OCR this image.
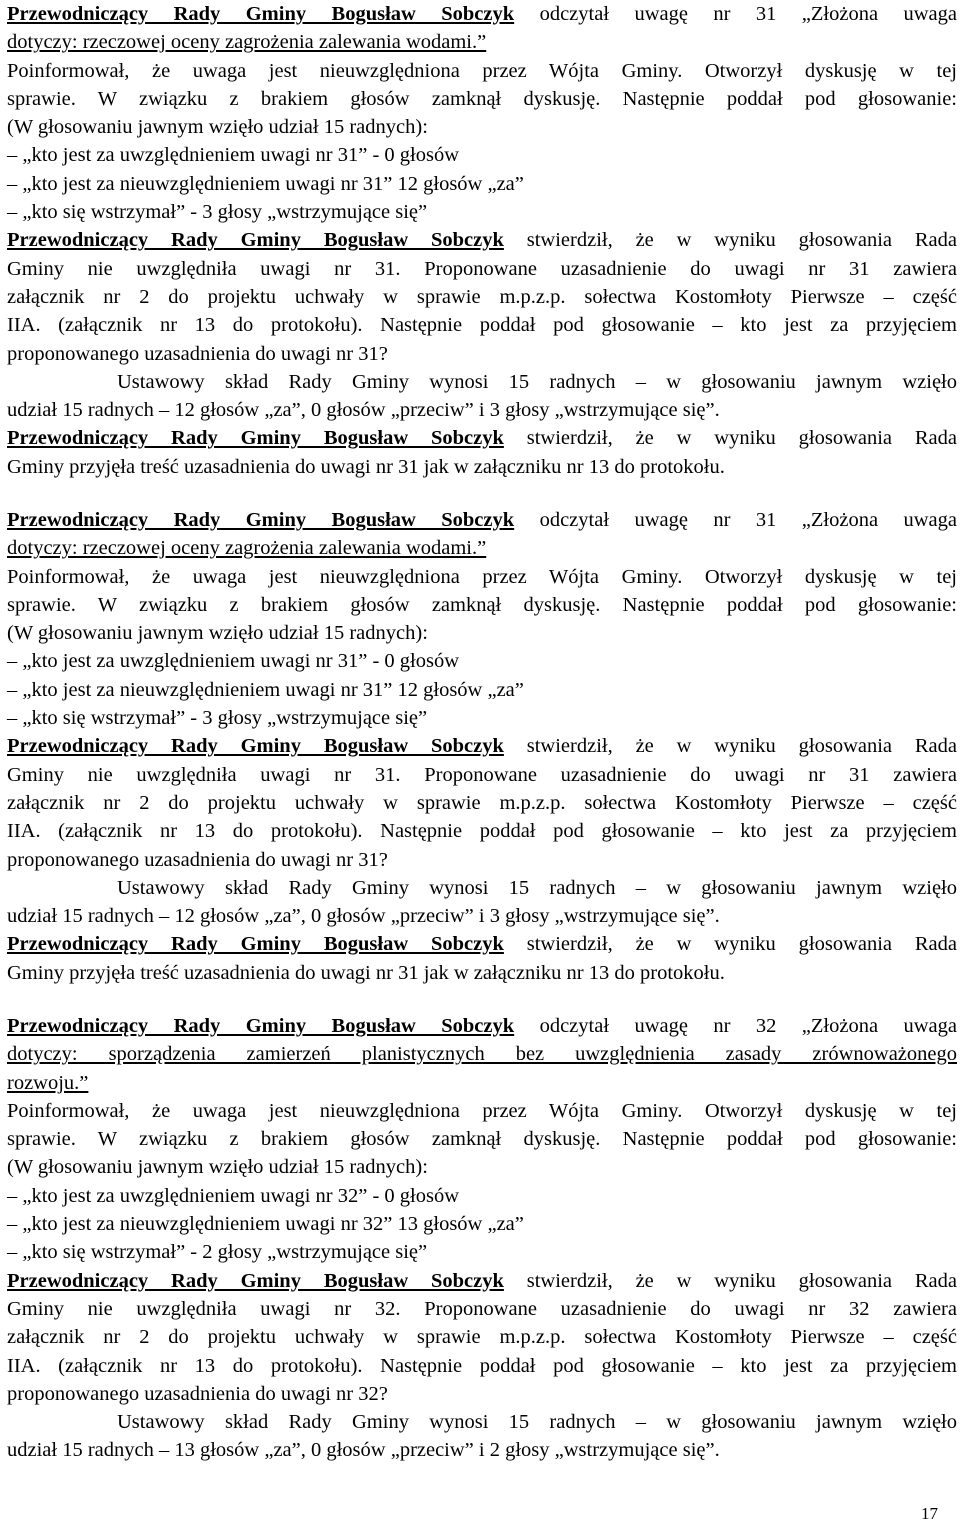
Przewodniczący Rady Gminy Bogusław Sobczyk odczytał uwagę nr 31 „Złożona uwaga
dotyczy: rzeczowej oceny zagrożenia zalewania wodami.”
Poinformował, że uwaga jest nieuwzględniona przez Wójta Gminy. Otworzył dyskusję w tej
sprawie. W związku z brakiem głosów zamknął dyskusję. Następnie poddał pod głosowanie:
(W głosowaniu jawnym wzięło udział 15 radnych):
– „kto jest za uwzględnieniem uwagi nr 31” - 0 głosów
– „kto jest za nieuwzględnieniem uwagi nr 31” 12 głosów „za”
– „kto się wstrzymał” - 3 głosy „wstrzymujące się”
Przewodniczący Rady Gminy Bogusław Sobczyk stwierdził, że w wyniku głosowania Rada
Gminy nie uwzględniła uwagi nr 31. Proponowane uzasadnienie do uwagi nr 31 zawiera
załącznik nr 2 do projektu uchwały w sprawie m.p.z.p. sołectwa Kostomłoty Pierwsze – część
IIA. (załącznik nr 13 do protokołu). Następnie poddał pod głosowanie – kto jest za przyjęciem
proponowanego uzasadnienia do uwagi nr 31?
Ustawowy skład Rady Gminy wynosi 15 radnych – w głosowaniu jawnym wzięło
udział 15 radnych – 12 głosów „za”, 0 głosów „przeciw” i 3 głosy „wstrzymujące się”.
Przewodniczący Rady Gminy Bogusław Sobczyk stwierdził, że w wyniku głosowania Rada
Gminy przyjęła treść uzasadnienia do uwagi nr 31 jak w załączniku nr 13 do protokołu.
Przewodniczący Rady Gminy Bogusław Sobczyk odczytał uwagę nr 31 „Złożona uwaga
dotyczy: rzeczowej oceny zagrożenia zalewania wodami.”
Poinformował, że uwaga jest nieuwzględniona przez Wójta Gminy. Otworzył dyskusję w tej
sprawie. W związku z brakiem głosów zamknął dyskusję. Następnie poddał pod głosowanie:
(W głosowaniu jawnym wzięło udział 15 radnych):
– „kto jest za uwzględnieniem uwagi nr 31” - 0 głosów
– „kto jest za nieuwzględnieniem uwagi nr 31” 12 głosów „za”
– „kto się wstrzymał” - 3 głosy „wstrzymujące się”
Przewodniczący Rady Gminy Bogusław Sobczyk stwierdził, że w wyniku głosowania Rada
Gminy nie uwzględniła uwagi nr 31. Proponowane uzasadnienie do uwagi nr 31 zawiera
załącznik nr 2 do projektu uchwały w sprawie m.p.z.p. sołectwa Kostomłoty Pierwsze – część
IIA. (załącznik nr 13 do protokołu). Następnie poddał pod głosowanie – kto jest za przyjęciem
proponowanego uzasadnienia do uwagi nr 31?
Ustawowy skład Rady Gminy wynosi 15 radnych – w głosowaniu jawnym wzięło
udział 15 radnych – 12 głosów „za”, 0 głosów „przeciw” i 3 głosy „wstrzymujące się”.
Przewodniczący Rady Gminy Bogusław Sobczyk stwierdził, że w wyniku głosowania Rada
Gminy przyjęła treść uzasadnienia do uwagi nr 31 jak w załączniku nr 13 do protokołu.
Przewodniczący Rady Gminy Bogusław Sobczyk odczytał uwagę nr 32 „Złożona uwaga
dotyczy: sporządzenia zamierzeń planistycznych bez uwzględnienia zasady zrównoważonego
rozwoju.”
Poinformował, że uwaga jest nieuwzględniona przez Wójta Gminy. Otworzył dyskusję w tej
sprawie. W związku z brakiem głosów zamknął dyskusję. Następnie poddał pod głosowanie:
(W głosowaniu jawnym wzięło udział 15 radnych):
– „kto jest za uwzględnieniem uwagi nr 32” - 0 głosów
– „kto jest za nieuwzględnieniem uwagi nr 32” 13 głosów „za”
– „kto się wstrzymał” - 2 głosy „wstrzymujące się”
Przewodniczący Rady Gminy Bogusław Sobczyk stwierdził, że w wyniku głosowania Rada
Gminy nie uwzględniła uwagi nr 32. Proponowane uzasadnienie do uwagi nr 32 zawiera
załącznik nr 2 do projektu uchwały w sprawie m.p.z.p. sołectwa Kostomłoty Pierwsze – część
IIA. (załącznik nr 13 do protokołu). Następnie poddał pod głosowanie – kto jest za przyjęciem
proponowanego uzasadnienia do uwagi nr 32?
Ustawowy skład Rady Gminy wynosi 15 radnych – w głosowaniu jawnym wzięło
udział 15 radnych – 13 głosów „za”, 0 głosów „przeciw” i 2 głosy „wstrzymujące się”.
17
